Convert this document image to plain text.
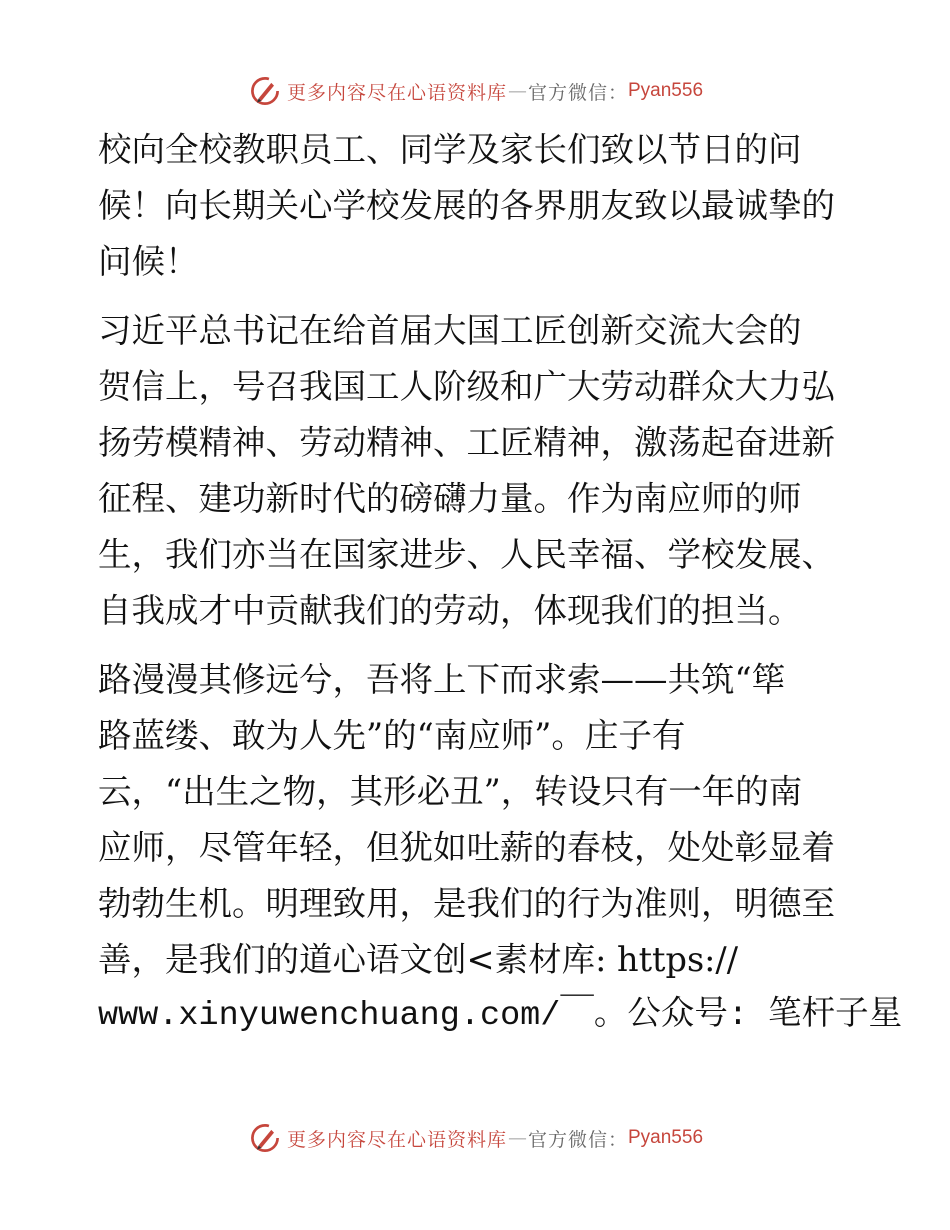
更多内容尽在心语资料库 — 官方微信： Pyan556
校向全校教职员工、同学及家长们致以节日的问
候！向长期关心学校发展的各界朋友致以最诚挚的
问候！
习近平总书记在给首届大国工匠创新交流大会的
贺信上，号召我国工人阶级和广大劳动群众大力弘
扬劳模精神、劳动精神、工匠精神，激荡起奋进新
征程、建功新时代的磅礴力量。作为南应师的师
生，我们亦当在国家进步、人民幸福、学校发展、
自我成才中贡献我们的劳动，体现我们的担当。
路漫漫其修远兮，吾将上下而求索——共筑“筚
路蓝缕、敢为人先”的“南应师”。庄子有
云，“出生之物，其形必丑”，转设只有一年的南
应师，尽管年轻，但犹如吐薪的春枝，处处彰显着
勃勃生机。明理致用，是我们的行为准则，明德至
善，是我们的道心语文创<素材库: https://
www.xinyuwenchuang.com/￣。公众号: 笔杆子星
更多内容尽在心语资料库 — 官方微信： Pyan556
